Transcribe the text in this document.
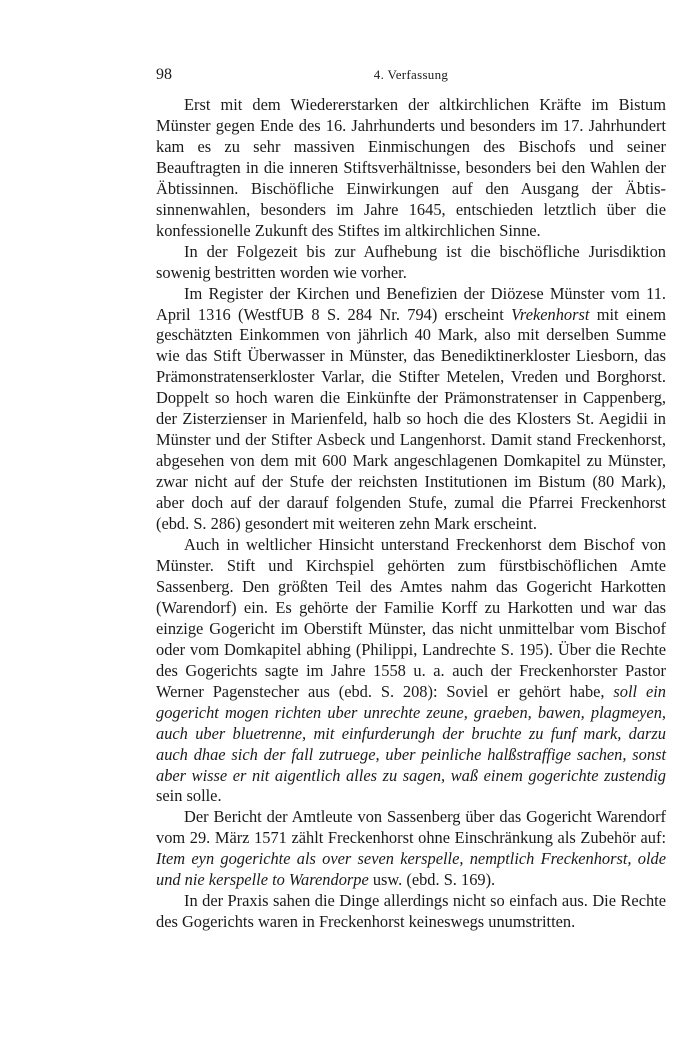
98	4. Verfassung

Erst mit dem Wiedererstarken der altkirchlichen Kräfte im Bistum Münster gegen Ende des 16. Jahrhunderts und besonders im 17. Jahrhundert kam es zu sehr massiven Einmischungen des Bischofs und seiner Beauftragten in die inneren Stiftsverhältnisse, besonders bei den Wahlen der Äbtissinnen. Bischöfliche Einwirkungen auf den Ausgang der Äbtissinnenwahlen, besonders im Jahre 1645, entschieden letztlich über die konfessionelle Zukunft des Stiftes im altkirchlichen Sinne.

In der Folgezeit bis zur Aufhebung ist die bischöfliche Jurisdiktion sowenig bestritten worden wie vorher.

Im Register der Kirchen und Benefizien der Diözese Münster vom 11. April 1316 (WestfUB 8 S. 284 Nr. 794) erscheint Vrekenhorst mit einem geschätzten Einkommen von jährlich 40 Mark, also mit derselben Summe wie das Stift Überwasser in Münster, das Benediktinerkloster Liesborn, das Prämonstratenserkloster Varlar, die Stifter Metelen, Vreden und Borghorst. Doppelt so hoch waren die Einkünfte der Prämonstratenser in Cappenberg, der Zisterzienser in Marienfeld, halb so hoch die des Klosters St. Aegidii in Münster und der Stifter Asbeck und Langenhorst. Damit stand Freckenhorst, abgesehen von dem mit 600 Mark angeschlagenen Domkapitel zu Münster, zwar nicht auf der Stufe der reichsten Institutionen im Bistum (80 Mark), aber doch auf der darauf folgenden Stufe, zumal die Pfarrei Freckenhorst (ebd. S. 286) gesondert mit weiteren zehn Mark erscheint.

Auch in weltlicher Hinsicht unterstand Freckenhorst dem Bischof von Münster. Stift und Kirchspiel gehörten zum fürstbischöflichen Amte Sassenberg. Den größten Teil des Amtes nahm das Gogericht Harkotten (Warendorf) ein. Es gehörte der Familie Korff zu Harkotten und war das einzige Gogericht im Oberstift Münster, das nicht unmittelbar vom Bischof oder vom Domkapitel abhing (Philippi, Landrechte S. 195). Über die Rechte des Gogerichts sagte im Jahre 1558 u. a. auch der Freckenhorster Pastor Werner Pagenstecher aus (ebd. S. 208): Soviel er gehört habe, soll ein gogericht mogen richten uber unrechte zeune, graeben, bawen, plagmeyen, auch uber bluetrenne, mit einfurderungh der bruchte zu funf mark, darzu auch dhae sich der fall zutruege, uber peinliche halßstraffige sachen, sonst aber wisse er nit aigentlich alles zu sagen, waß einem gogerichte zustendig sein solle.

Der Bericht der Amtleute von Sassenberg über das Gogericht Warendorf vom 29. März 1571 zählt Freckenhorst ohne Einschränkung als Zubehör auf: Item eyn gogerichte als over seven kerspelle, nemptlich Freckenhorst, olde und nie kerspelle to Warendorpe usw. (ebd. S. 169).

In der Praxis sahen die Dinge allerdings nicht so einfach aus. Die Rechte des Gogerichts waren in Freckenhorst keineswegs unumstritten.
